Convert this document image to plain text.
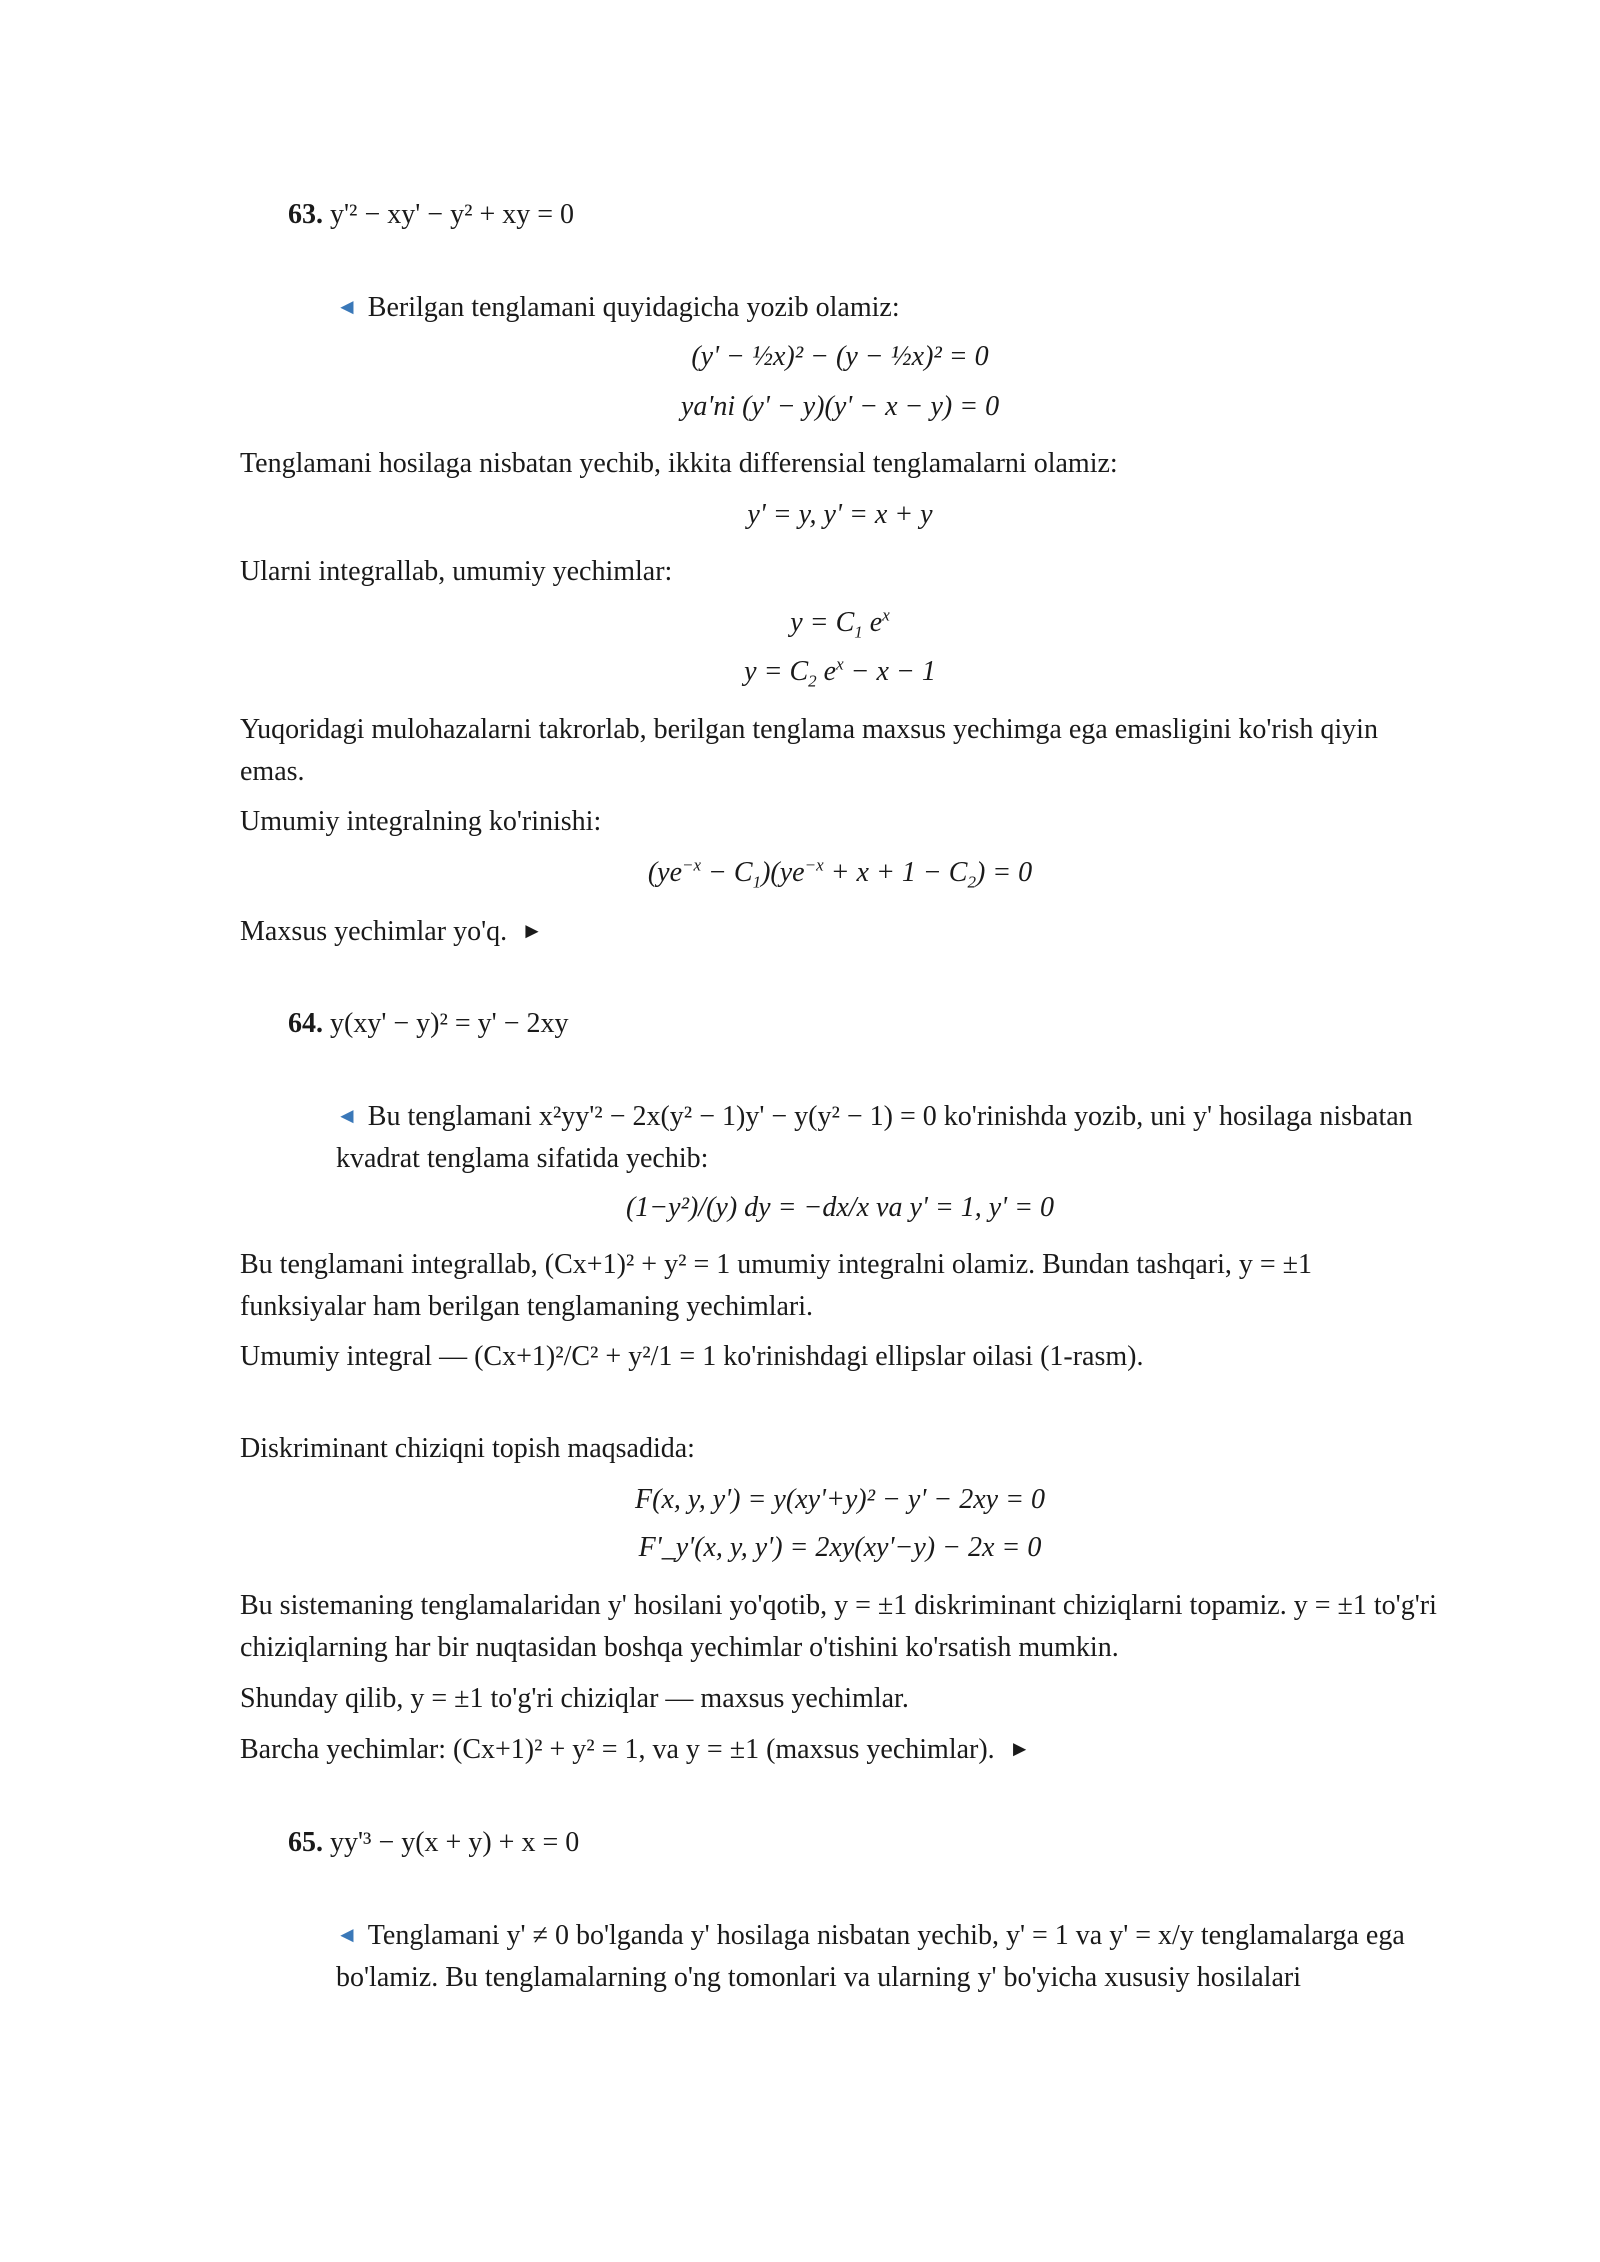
63. y'² − xy' − y² + xy = 0

◄ Berilgan tenglamani quyidagicha yozib olamiz:

(y' − ½x)² − (y − ½x)² = 0

ya'ni (y' − y)(y' − x − y) = 0

Tenglamani hosilaga nisbatan yechib, ikkita differensial tenglamalarni olamiz:

y' = y, y' = x + y

Ularni integrallab, umumiy yechimlar:

$y = C_1$ $e^x$

$y = C_2$ $e^x - x - 1$

Yuqoridagi mulohazalarni takrorlab, berilgan tenglama maxsus yechimga ega emasligini ko'rish qiyin emas.

Umumiy integralning ko'rinishi:

$(ye^{-x} - C_1)(ye^{-x} + x + 1 - C_2) = 0$

Maxsus yechimlar yo'q. ►

64. y(xy' − y)² = y' − 2xy

◄ Bu tenglamani x²yy'² − 2x(y² − 1)y' − y(y² − 1) = 0 ko'rinishda yozib, uni y' hosilaga nisbatan kvadrat tenglama sifatida yechib:

(1−y²)/(y) dy = −dx/x va y' = 1, y' = 0

Bu tenglamani integrallab, (Cx+1)² + y² = 1 umumiy integralni olamiz. Bundan tashqari, y = ±1 funksiyalar ham berilgan tenglamaning yechimlari.

Umumiy integral — (Cx+1)²/C² + y²/1 = 1 ko'rinishdagi ellipslar oilasi (1-rasm).

Diskriminant chiziqni topish maqsadida:

F(x, y, y') = y(xy'+y)² − y' − 2xy = 0

F'_y'(x, y, y') = 2xy(xy'−y) − 2x = 0

Bu sistemaning tenglamalaridan y' hosilani yo'qotib, y = ±1 diskriminant chiziqlarni topamiz. y = ±1 to'g'ri chiziqlarning har bir nuqtasidan boshqa yechimlar o'tishini ko'rsatish mumkin.

Shunday qilib, y = ±1 to'g'ri chiziqlar — maxsus yechimlar.

Barcha yechimlar: (Cx+1)² + y² = 1, va y = ±1 (maxsus yechimlar). ►

65. yy'³ − y(x + y) + x = 0

◄ Tenglamani y' ≠ 0 bo'lganda y' hosilaga nisbatan yechib, y' = 1 va y' = x/y tenglamalarga ega bo'lamiz. Bu tenglamalarning o'ng tomonlari va ularning y' bo'yicha xususiy hosilalari
